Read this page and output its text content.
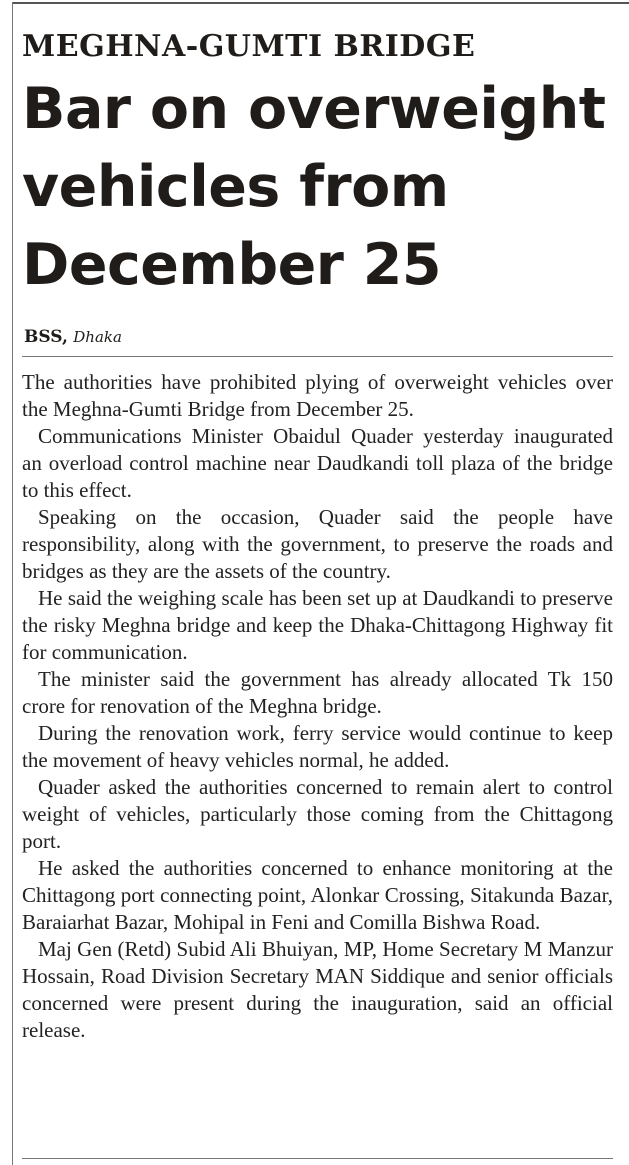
MEGHNA-GUMTI BRIDGE
Bar on overweight vehicles from December 25
BSS, Dhaka

The authorities have prohibited plying of overweight vehicles over the Meghna-Gumti Bridge from December 25.

Communications Minister Obaidul Quader yesterday inaugurated an overload control machine near Daudkandi toll plaza of the bridge to this effect.

Speaking on the occasion, Quader said the people have responsibility, along with the government, to preserve the roads and bridges as they are the assets of the country.

He said the weighing scale has been set up at Daudkandi to preserve the risky Meghna bridge and keep the Dhaka-Chittagong Highway fit for communication.

The minister said the government has already allocated Tk 150 crore for renovation of the Meghna bridge.

During the renovation work, ferry service would continue to keep the movement of heavy vehicles normal, he added.

Quader asked the authorities concerned to remain alert to control weight of vehicles, particularly those coming from the Chittagong port.

He asked the authorities concerned to enhance monitoring at the Chittagong port connecting point, Alonkar Crossing, Sitakunda Bazar, Baraiarhat Bazar, Mohipal in Feni and Comilla Bishwa Road.

Maj Gen (Retd) Subid Ali Bhuiyan, MP, Home Secretary M Manzur Hossain, Road Division Secretary MAN Siddique and senior officials concerned were present during the inauguration, said an official release.
